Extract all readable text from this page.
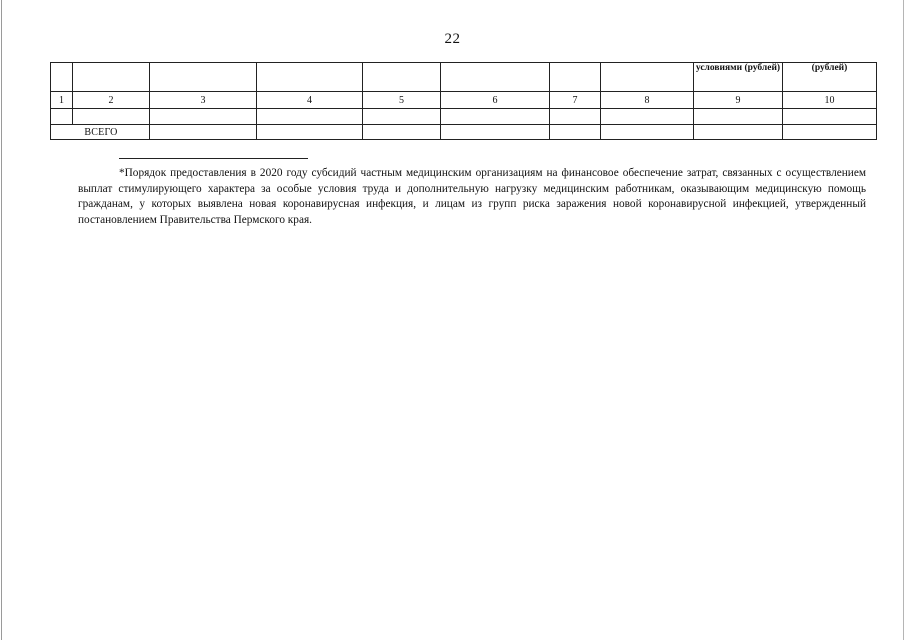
22
								условиями (рублей)	(рублей)
1	2	3	4	5	6	7	8	9	10

ВСЕГО									

*Порядок предоставления в 2020 году субсидий частным медицинским организациям на финансовое обеспечение затрат, связанных с осуществлением выплат стимулирующего характера за особые условия труда и дополнительную нагрузку медицинским работникам, оказывающим медицинскую помощь гражданам, у которых выявлена новая коронавирусная инфекция, и лицам из групп риска заражения новой коронавирусной инфекцией, утвержденный постановлением Правительства Пермского края.
